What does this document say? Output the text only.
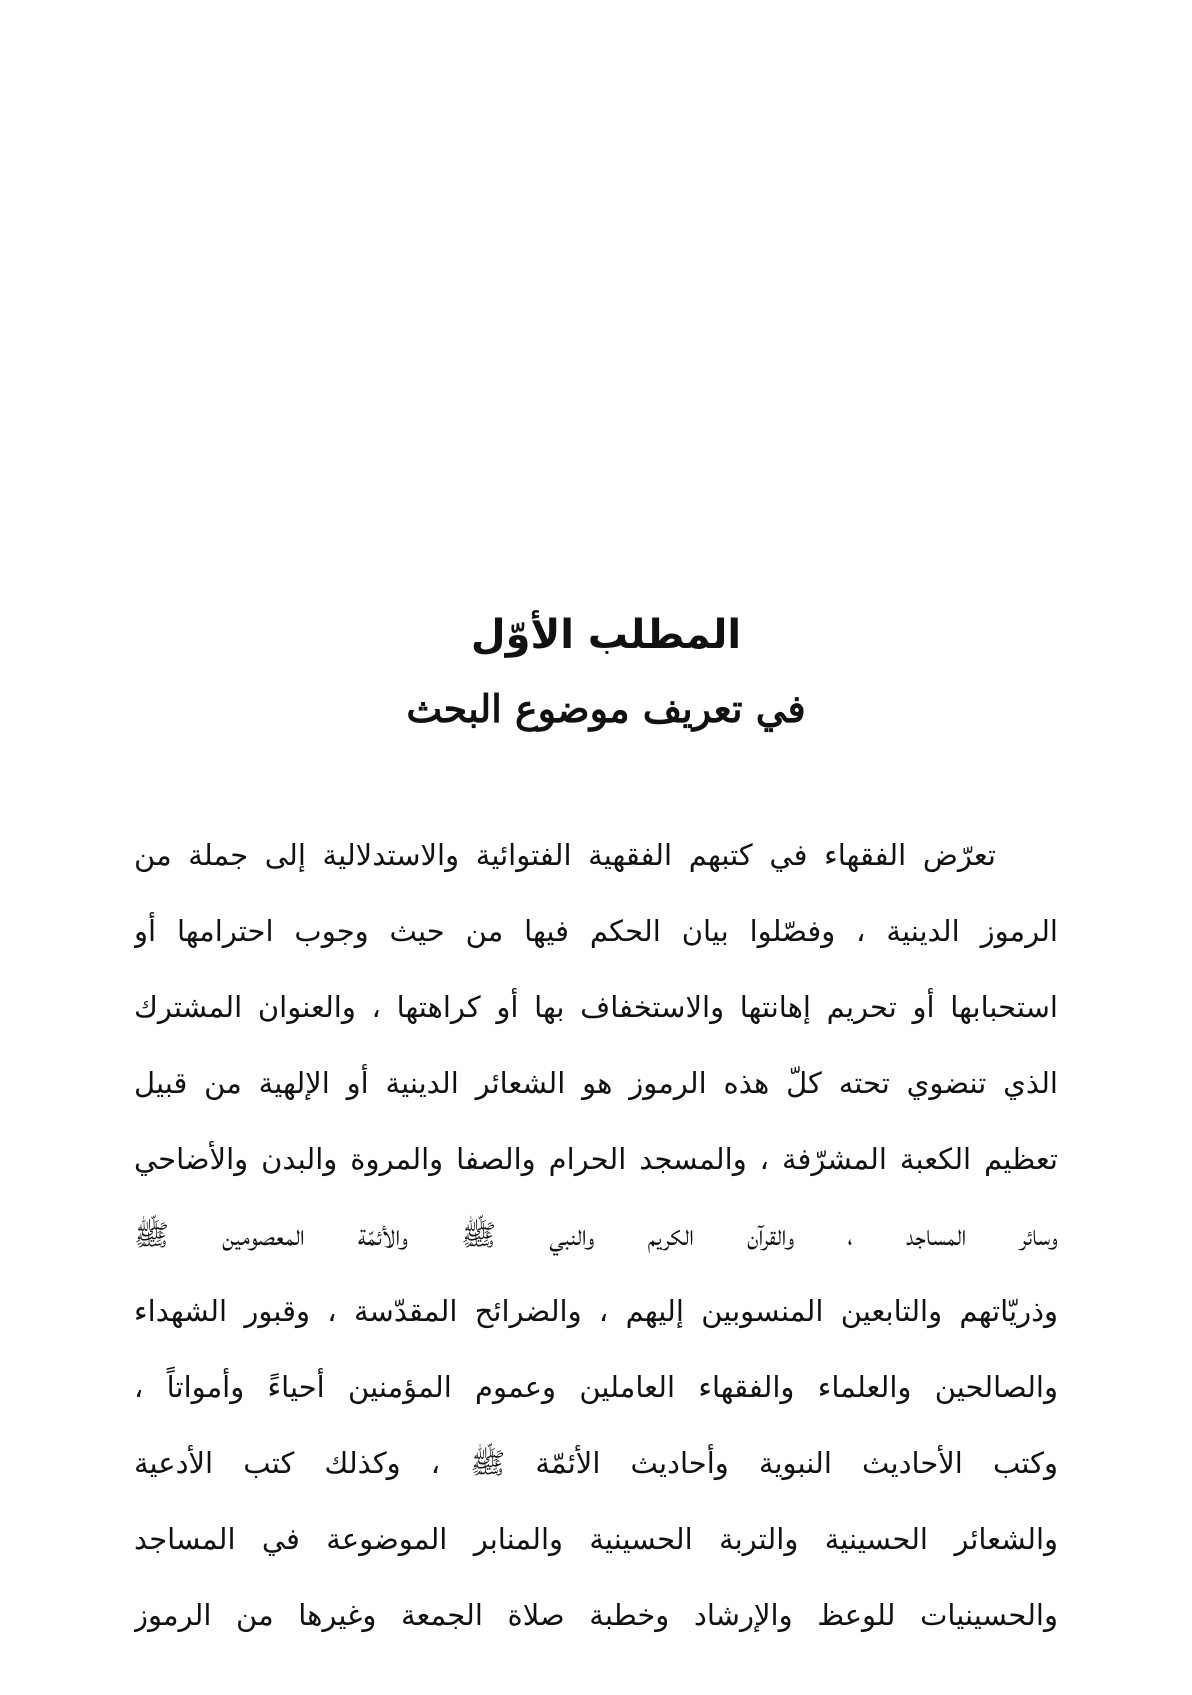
المطلب الأوّل
في تعريف موضوع البحث
تعرّض الفقهاء في كتبهم الفقهية الفتوائية والاستدلالية إلى جملة من
الرموز الدينية ، وفصّلوا بيان الحكم فيها من حيث وجوب احترامها أو
استحبابها أو تحريم إهانتها والاستخفاف بها أو كراهتها ، والعنوان المشترك
الذي تنضوي تحته كلّ هذه الرموز هو الشعائر الدينية أو الإلهية من قبيل
تعظيم الكعبة المشرّفة ، والمسجد الحرام والصفا والمروة والبدن والأضاحي
وسائر المساجد ، والقرآن الكريم والنبي ﷺ والأئمّة المعصومين ﷺ
وذريّاتهم والتابعين المنسوبين إليهم ، والضرائح المقدّسة ، وقبور الشهداء
والصالحين والعلماء والفقهاء العاملين وعموم المؤمنين أحياءً وأمواتاً ،
وكتب الأحاديث النبوية وأحاديث الأئمّة ﷺ ، وكذلك كتب الأدعية
والشعائر الحسينية والتربة الحسينية والمنابر الموضوعة في المساجد
والحسينيات للوعظ والإرشاد وخطبة صلاة الجمعة وغيرها من الرموز
